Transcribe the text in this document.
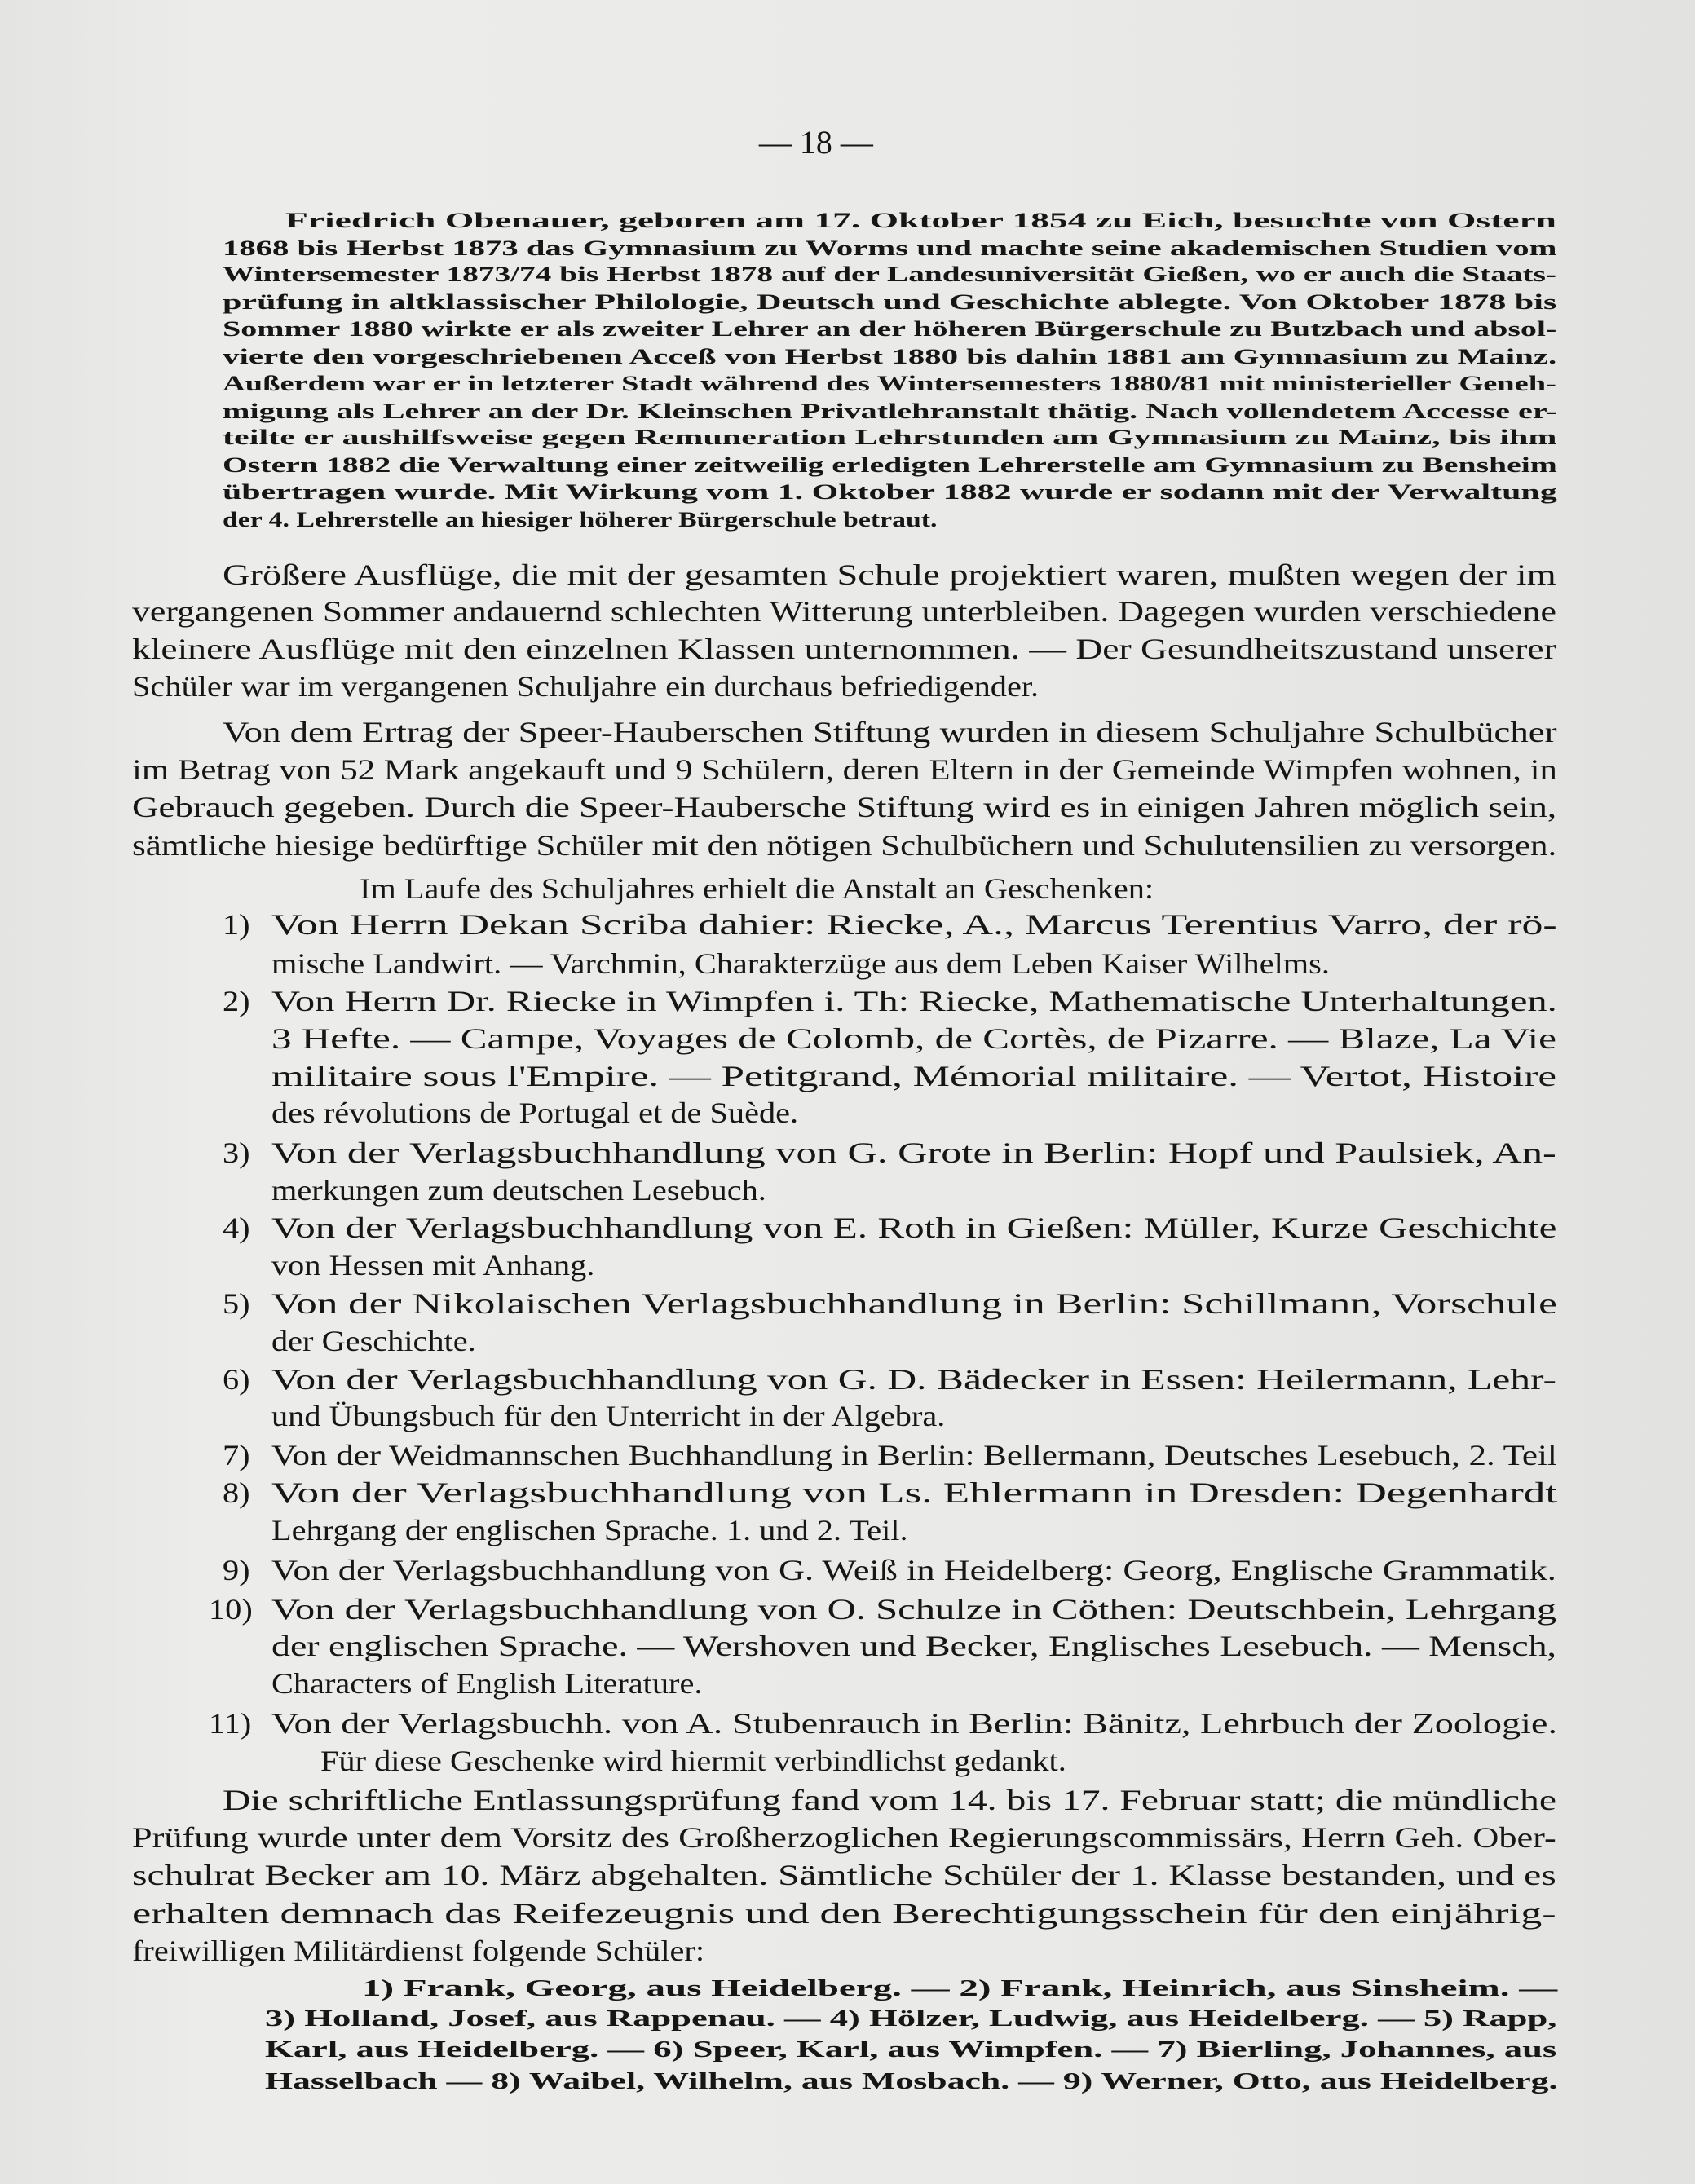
— 18 —
Friedrich Obenauer, geboren am 17. Oktober 1854 zu Eich, besuchte von Ostern
1868 bis Herbst 1873 das Gymnasium zu Worms und machte seine akademischen Studien vom
Wintersemester 1873/74 bis Herbst 1878 auf der Landesuniversität Gießen, wo er auch die Staats-
prüfung in altklassischer Philologie, Deutsch und Geschichte ablegte. Von Oktober 1878 bis
Sommer 1880 wirkte er als zweiter Lehrer an der höheren Bürgerschule zu Butzbach und absol-
vierte den vorgeschriebenen Acceß von Herbst 1880 bis dahin 1881 am Gymnasium zu Mainz.
Außerdem war er in letzterer Stadt während des Wintersemesters 1880/81 mit ministerieller Geneh-
migung als Lehrer an der Dr. Kleinschen Privatlehranstalt thätig. Nach vollendetem Accesse er-
teilte er aushilfsweise gegen Remuneration Lehrstunden am Gymnasium zu Mainz, bis ihm
Ostern 1882 die Verwaltung einer zeitweilig erledigten Lehrerstelle am Gymnasium zu Bensheim
übertragen wurde. Mit Wirkung vom 1. Oktober 1882 wurde er sodann mit der Verwaltung
der 4. Lehrerstelle an hiesiger höherer Bürgerschule betraut.
Größere Ausflüge, die mit der gesamten Schule projektiert waren, mußten wegen der im
vergangenen Sommer andauernd schlechten Witterung unterbleiben. Dagegen wurden verschiedene
kleinere Ausflüge mit den einzelnen Klassen unternommen. — Der Gesundheitszustand unserer
Schüler war im vergangenen Schuljahre ein durchaus befriedigender.
Von dem Ertrag der Speer-Hauberschen Stiftung wurden in diesem Schuljahre Schulbücher
im Betrag von 52 Mark angekauft und 9 Schülern, deren Eltern in der Gemeinde Wimpfen wohnen, in
Gebrauch gegeben. Durch die Speer-Haubersche Stiftung wird es in einigen Jahren möglich sein,
sämtliche hiesige bedürftige Schüler mit den nötigen Schulbüchern und Schulutensilien zu versorgen.
Im Laufe des Schuljahres erhielt die Anstalt an Geschenken:
1) Von Herrn Dekan Scriba dahier: Riecke, A., Marcus Terentius Varro, der rö-
mische Landwirt. — Varchmin, Charakterzüge aus dem Leben Kaiser Wilhelms.
2) Von Herrn Dr. Riecke in Wimpfen i. Th: Riecke, Mathematische Unterhaltungen.
3 Hefte. — Campe, Voyages de Colomb, de Cortès, de Pizarre. — Blaze, La Vie
militaire sous l'Empire. — Petitgrand, Mémorial militaire. — Vertot, Histoire
des révolutions de Portugal et de Suède.
3) Von der Verlagsbuchhandlung von G. Grote in Berlin: Hopf und Paulsiek, An-
merkungen zum deutschen Lesebuch.
4) Von der Verlagsbuchhandlung von E. Roth in Gießen: Müller, Kurze Geschichte
von Hessen mit Anhang.
5) Von der Nikolaischen Verlagsbuchhandlung in Berlin: Schillmann, Vorschule
der Geschichte.
6) Von der Verlagsbuchhandlung von G. D. Bädecker in Essen: Heilermann, Lehr-
und Übungsbuch für den Unterricht in der Algebra.
7) Von der Weidmannschen Buchhandlung in Berlin: Bellermann, Deutsches Lesebuch, 2. Teil
8) Von der Verlagsbuchhandlung von Ls. Ehlermann in Dresden: Degenhardt
Lehrgang der englischen Sprache. 1. und 2. Teil.
9) Von der Verlagsbuchhandlung von G. Weiß in Heidelberg: Georg, Englische Grammatik.
10) Von der Verlagsbuchhandlung von O. Schulze in Cöthen: Deutschbein, Lehrgang
der englischen Sprache. — Wershoven und Becker, Englisches Lesebuch. — Mensch,
Characters of English Literature.
11) Von der Verlagsbuchh. von A. Stubenrauch in Berlin: Bänitz, Lehrbuch der Zoologie.
Für diese Geschenke wird hiermit verbindlichst gedankt.
Die schriftliche Entlassungsprüfung fand vom 14. bis 17. Februar statt; die mündliche
Prüfung wurde unter dem Vorsitz des Großherzoglichen Regierungscommissärs, Herrn Geh. Ober-
schulrat Becker am 10. März abgehalten. Sämtliche Schüler der 1. Klasse bestanden, und es
erhalten demnach das Reifezeugnis und den Berechtigungsschein für den einjährig-
freiwilligen Militärdienst folgende Schüler:
1) Frank, Georg, aus Heidelberg. — 2) Frank, Heinrich, aus Sinsheim. —
3) Holland, Josef, aus Rappenau. — 4) Hölzer, Ludwig, aus Heidelberg. — 5) Rapp,
Karl, aus Heidelberg. — 6) Speer, Karl, aus Wimpfen. — 7) Bierling, Johannes, aus
Hasselbach — 8) Waibel, Wilhelm, aus Mosbach. — 9) Werner, Otto, aus Heidelberg.
